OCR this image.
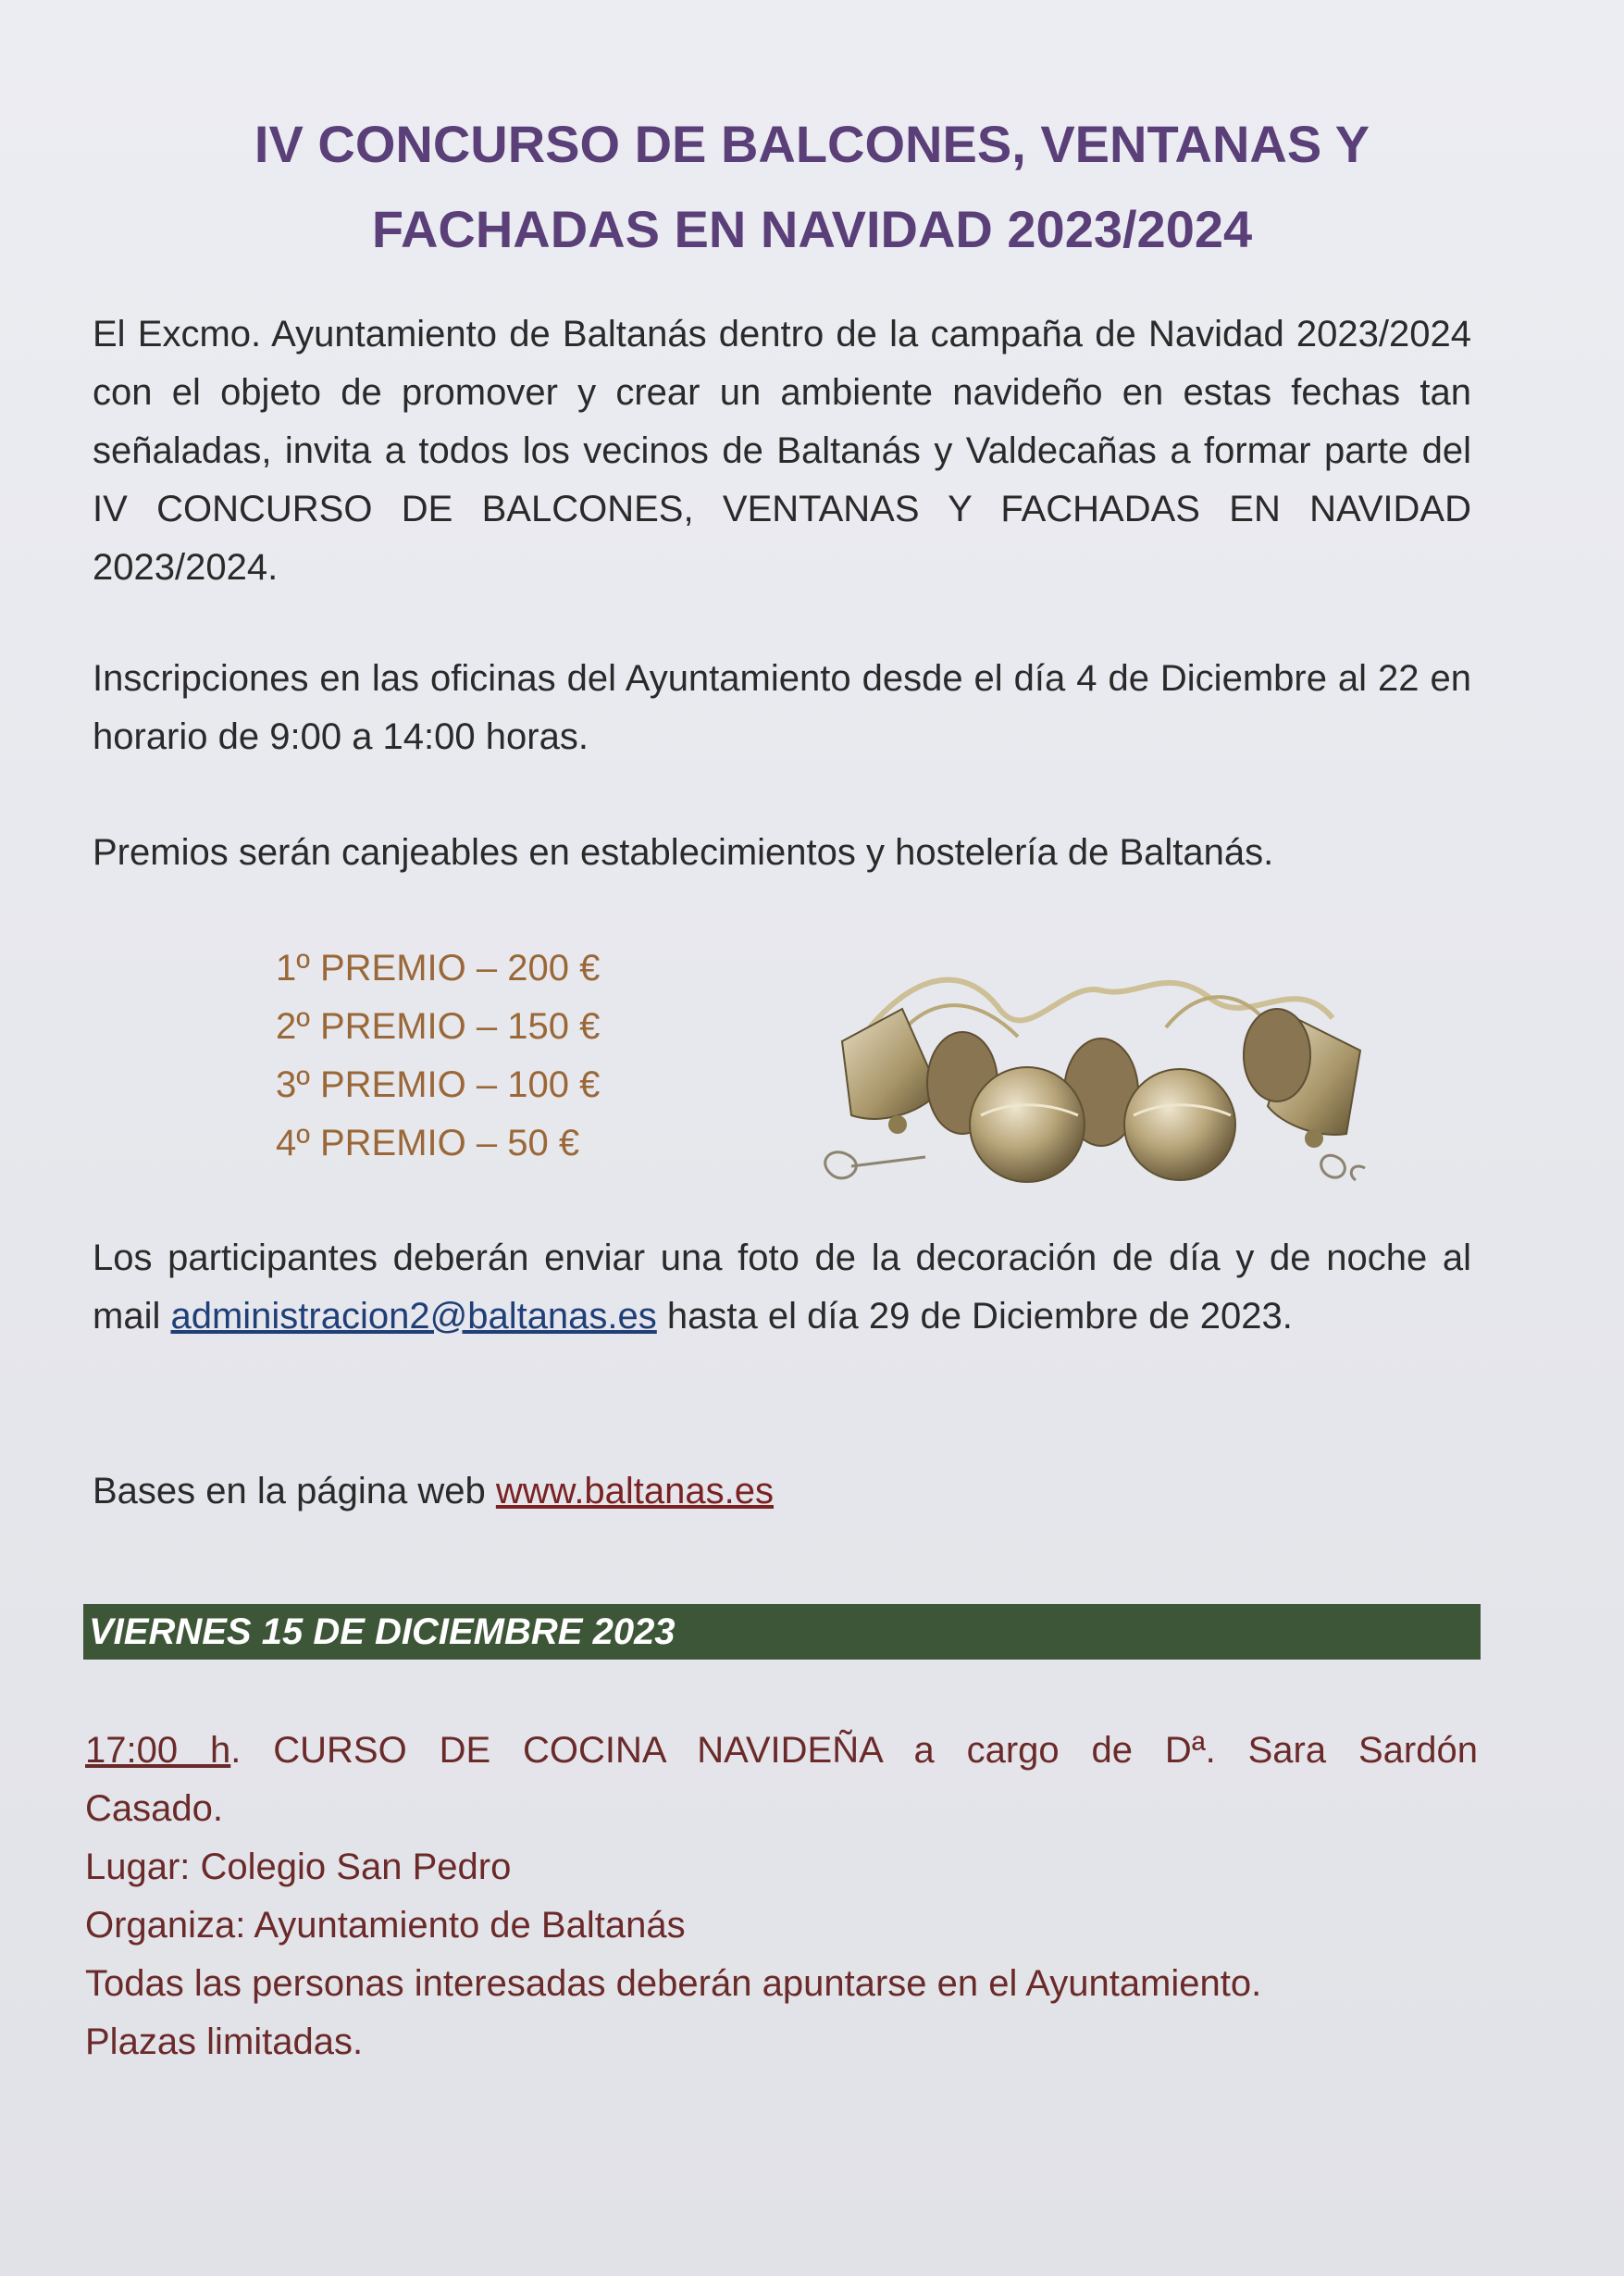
IV CONCURSO DE BALCONES, VENTANAS Y
FACHADAS EN NAVIDAD 2023/2024
El Excmo. Ayuntamiento de Baltanás dentro de la campaña de Navidad 2023/2024 con el objeto de promover y crear un ambiente navideño en estas fechas tan señaladas, invita a todos los vecinos de Baltanás y Valdecañas a formar parte del IV CONCURSO DE BALCONES, VENTANAS Y FACHADAS EN NAVIDAD 2023/2024.
Inscripciones en las oficinas del Ayuntamiento desde el día 4 de Diciembre al 22 en horario de 9:00 a 14:00 horas.
Premios serán canjeables en establecimientos y hostelería de Baltanás.
1º PREMIO – 200 €
2º PREMIO – 150 €
3º PREMIO – 100 €
4º PREMIO – 50 €
Los participantes deberán enviar una foto de la decoración de día y de noche al mail administracion2@baltanas.es hasta el día 29 de Diciembre de 2023.
Bases en la página web www.baltanas.es
VIERNES 15 DE DICIEMBRE 2023
17:00 h. CURSO DE COCINA NAVIDEÑA a cargo de Dª. Sara Sardón
Casado.
Lugar: Colegio San Pedro
Organiza: Ayuntamiento de Baltanás
Todas las personas interesadas deberán apuntarse en el Ayuntamiento.
Plazas limitadas.
